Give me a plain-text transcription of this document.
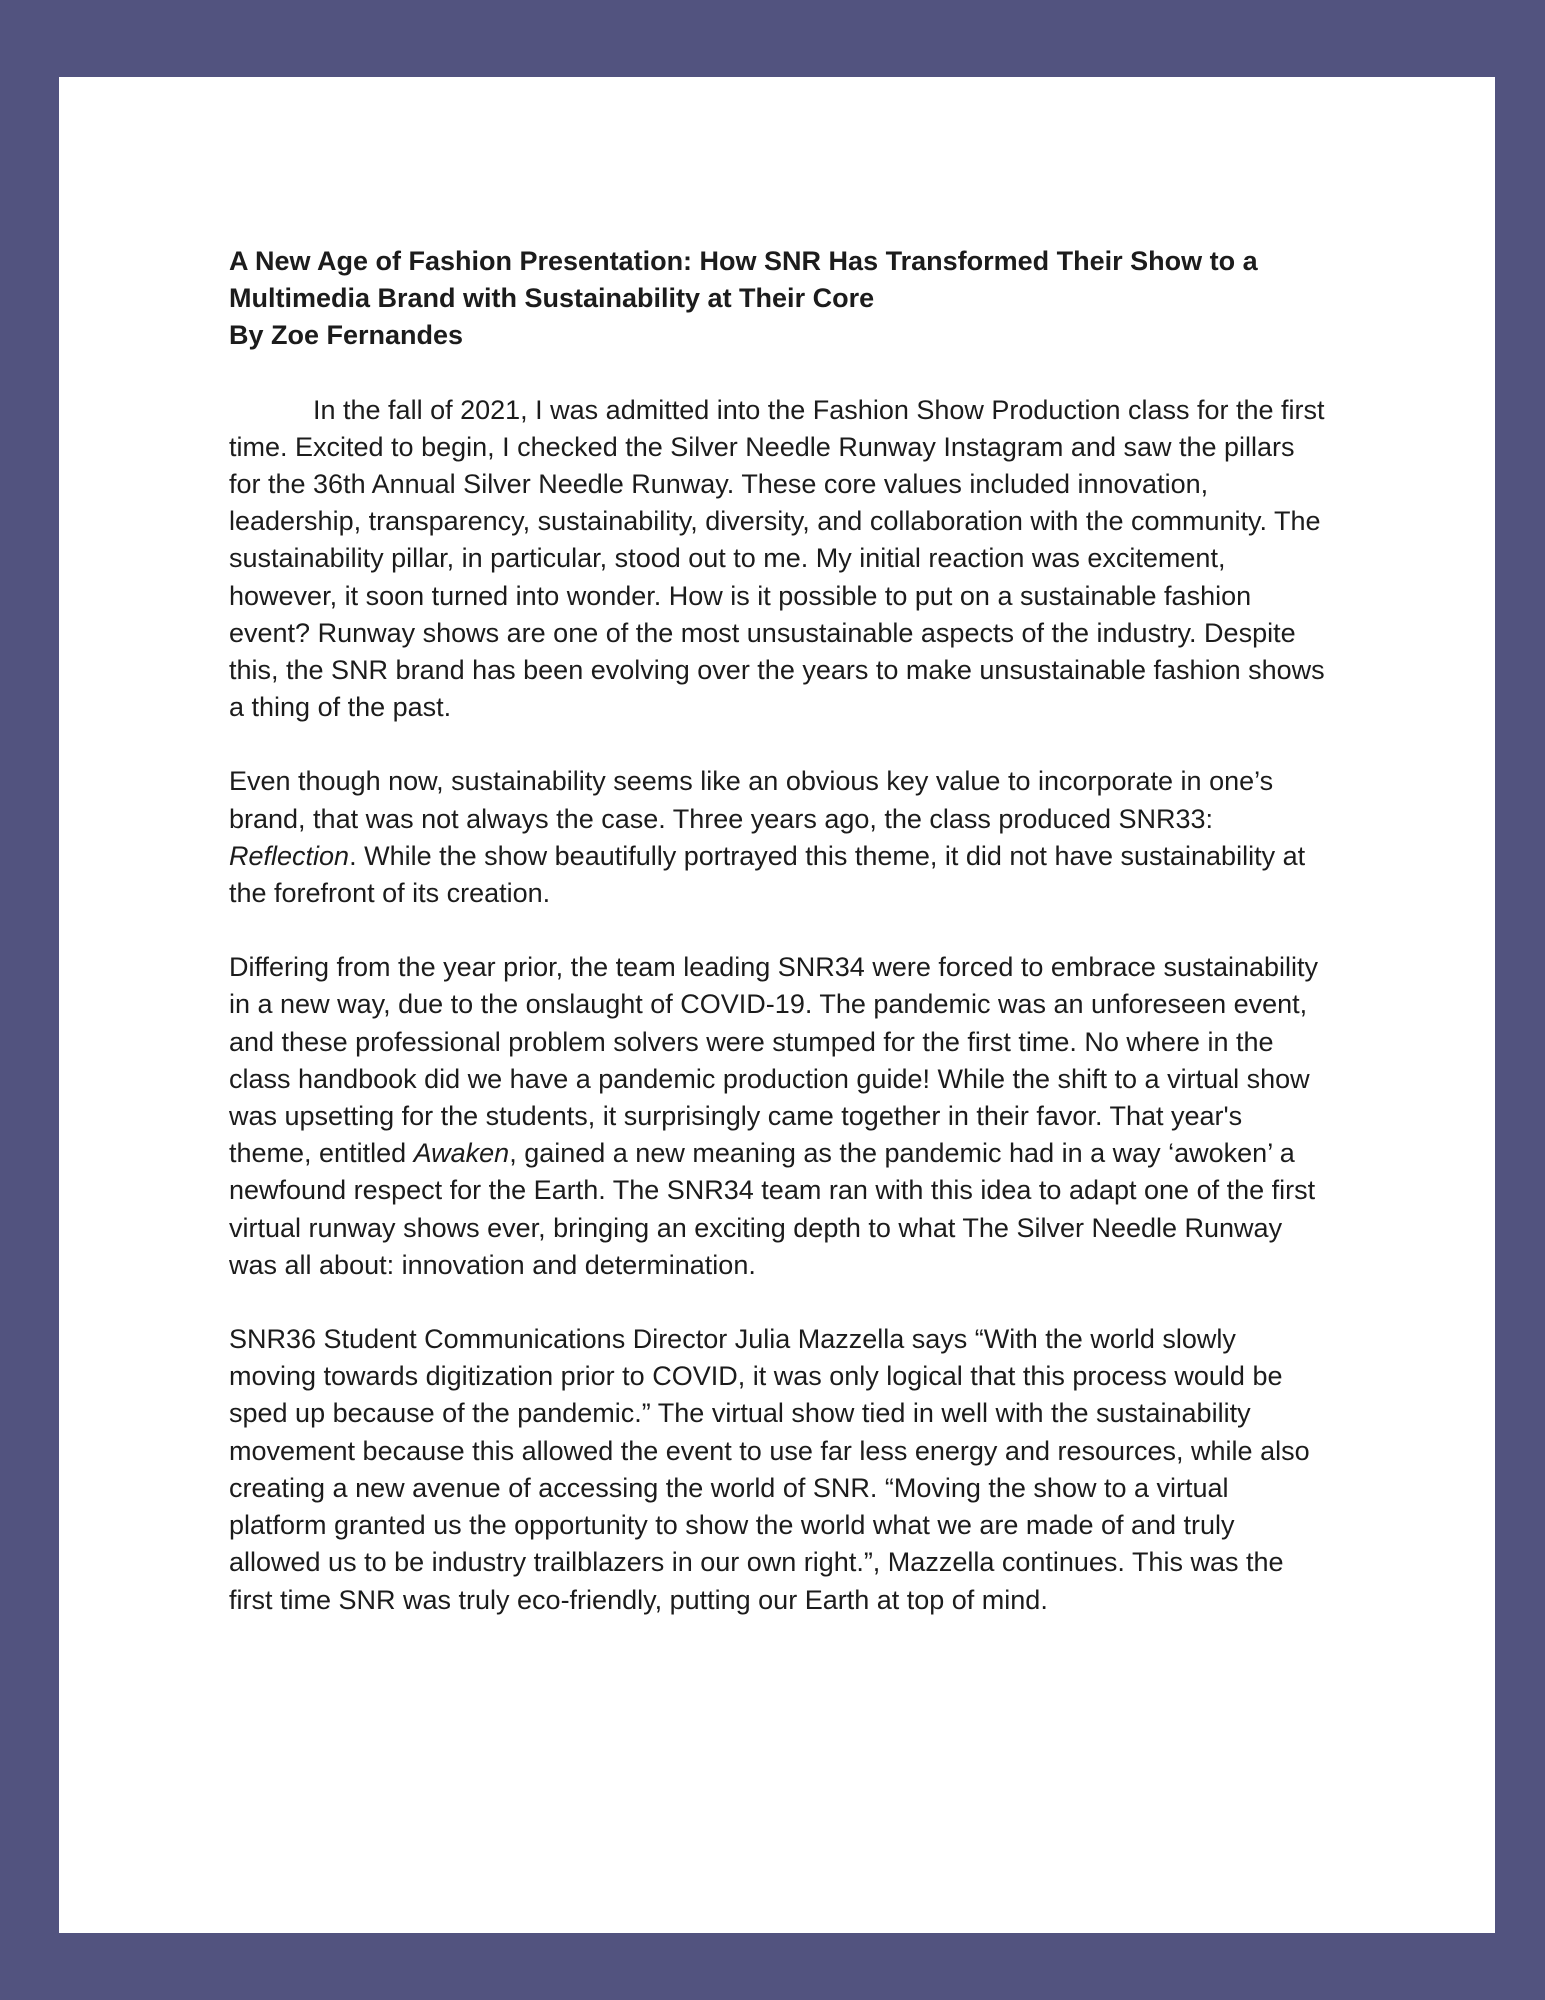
A New Age of Fashion Presentation: How SNR Has Transformed Their Show to a Multimedia Brand with Sustainability at Their Core

By Zoe Fernandes

In the fall of 2021, I was admitted into the Fashion Show Production class for the first time. Excited to begin, I checked the Silver Needle Runway Instagram and saw the pillars for the 36th Annual Silver Needle Runway. These core values included innovation, leadership, transparency, sustainability, diversity, and collaboration with the community. The sustainability pillar, in particular, stood out to me. My initial reaction was excitement, however, it soon turned into wonder. How is it possible to put on a sustainable fashion event? Runway shows are one of the most unsustainable aspects of the industry. Despite this, the SNR brand has been evolving over the years to make unsustainable fashion shows a thing of the past.

Even though now, sustainability seems like an obvious key value to incorporate in one’s brand, that was not always the case. Three years ago, the class produced SNR33: Reflection. While the show beautifully portrayed this theme, it did not have sustainability at the forefront of its creation.

Differing from the year prior, the team leading SNR34 were forced to embrace sustainability in a new way, due to the onslaught of COVID-19. The pandemic was an unforeseen event, and these professional problem solvers were stumped for the first time. No where in the class handbook did we have a pandemic production guide! While the shift to a virtual show was upsetting for the students, it surprisingly came together in their favor. That year's theme, entitled Awaken, gained a new meaning as the pandemic had in a way ‘awoken’ a newfound respect for the Earth. The SNR34 team ran with this idea to adapt one of the first virtual runway shows ever, bringing an exciting depth to what The Silver Needle Runway was all about: innovation and determination.

SNR36 Student Communications Director Julia Mazzella says “With the world slowly moving towards digitization prior to COVID, it was only logical that this process would be sped up because of the pandemic.” The virtual show tied in well with the sustainability movement because this allowed the event to use far less energy and resources, while also creating a new avenue of accessing the world of SNR. “Moving the show to a virtual platform granted us the opportunity to show the world what we are made of and truly allowed us to be industry trailblazers in our own right.”, Mazzella continues. This was the first time SNR was truly eco-friendly, putting our Earth at top of mind.
